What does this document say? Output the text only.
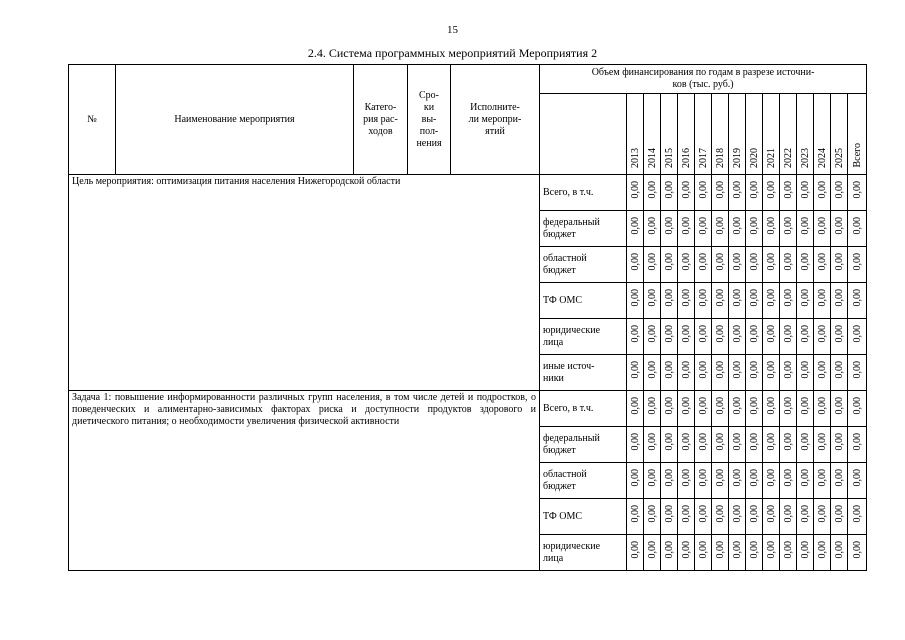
15
2.4. Система программных мероприятий Мероприятия 2
№	Наименование мероприятия	Катего-
рия рас-
ходов	Сро-
ки
вы-
пол-
нения	Исполните-
ли меропри-
ятий	Объем финансирования по годам в разрезе источни-
ков (тыс. руб.)														
						2013	2014	2015	2016	2017	2018	2019	2020	2021	2022	2023	2024	2025	Всего
Цель мероприятия: оптимизация питания населения Нижегородской области					Всего, в т.ч.	0,00	0,00	0,00	0,00	0,00	0,00	0,00	0,00	0,00	0,00	0,00	0,00	0,00	0,00
					федеральный
бюджет	0,00	0,00	0,00	0,00	0,00	0,00	0,00	0,00	0,00	0,00	0,00	0,00	0,00	0,00
					областной
бюджет	0,00	0,00	0,00	0,00	0,00	0,00	0,00	0,00	0,00	0,00	0,00	0,00	0,00	0,00
					ТФ ОМС	0,00	0,00	0,00	0,00	0,00	0,00	0,00	0,00	0,00	0,00	0,00	0,00	0,00	0,00
					юридические
лица	0,00	0,00	0,00	0,00	0,00	0,00	0,00	0,00	0,00	0,00	0,00	0,00	0,00	0,00
					иные источ-
ники	0,00	0,00	0,00	0,00	0,00	0,00	0,00	0,00	0,00	0,00	0,00	0,00	0,00	0,00
Задача 1: повышение информированности различных групп населения, в том числе детей и подростков, о поведенческих и алиментарно-зависимых факторах риска и доступности продуктов здорового и диетического питания; о необходимости увеличения физической активности					Всего, в т.ч.	0,00	0,00	0,00	0,00	0,00	0,00	0,00	0,00	0,00	0,00	0,00	0,00	0,00	0,00
					федеральный
бюджет	0,00	0,00	0,00	0,00	0,00	0,00	0,00	0,00	0,00	0,00	0,00	0,00	0,00	0,00
					областной
бюджет	0,00	0,00	0,00	0,00	0,00	0,00	0,00	0,00	0,00	0,00	0,00	0,00	0,00	0,00
					ТФ ОМС	0,00	0,00	0,00	0,00	0,00	0,00	0,00	0,00	0,00	0,00	0,00	0,00	0,00	0,00
					юридические
лица	0,00	0,00	0,00	0,00	0,00	0,00	0,00	0,00	0,00	0,00	0,00	0,00	0,00	0,00
